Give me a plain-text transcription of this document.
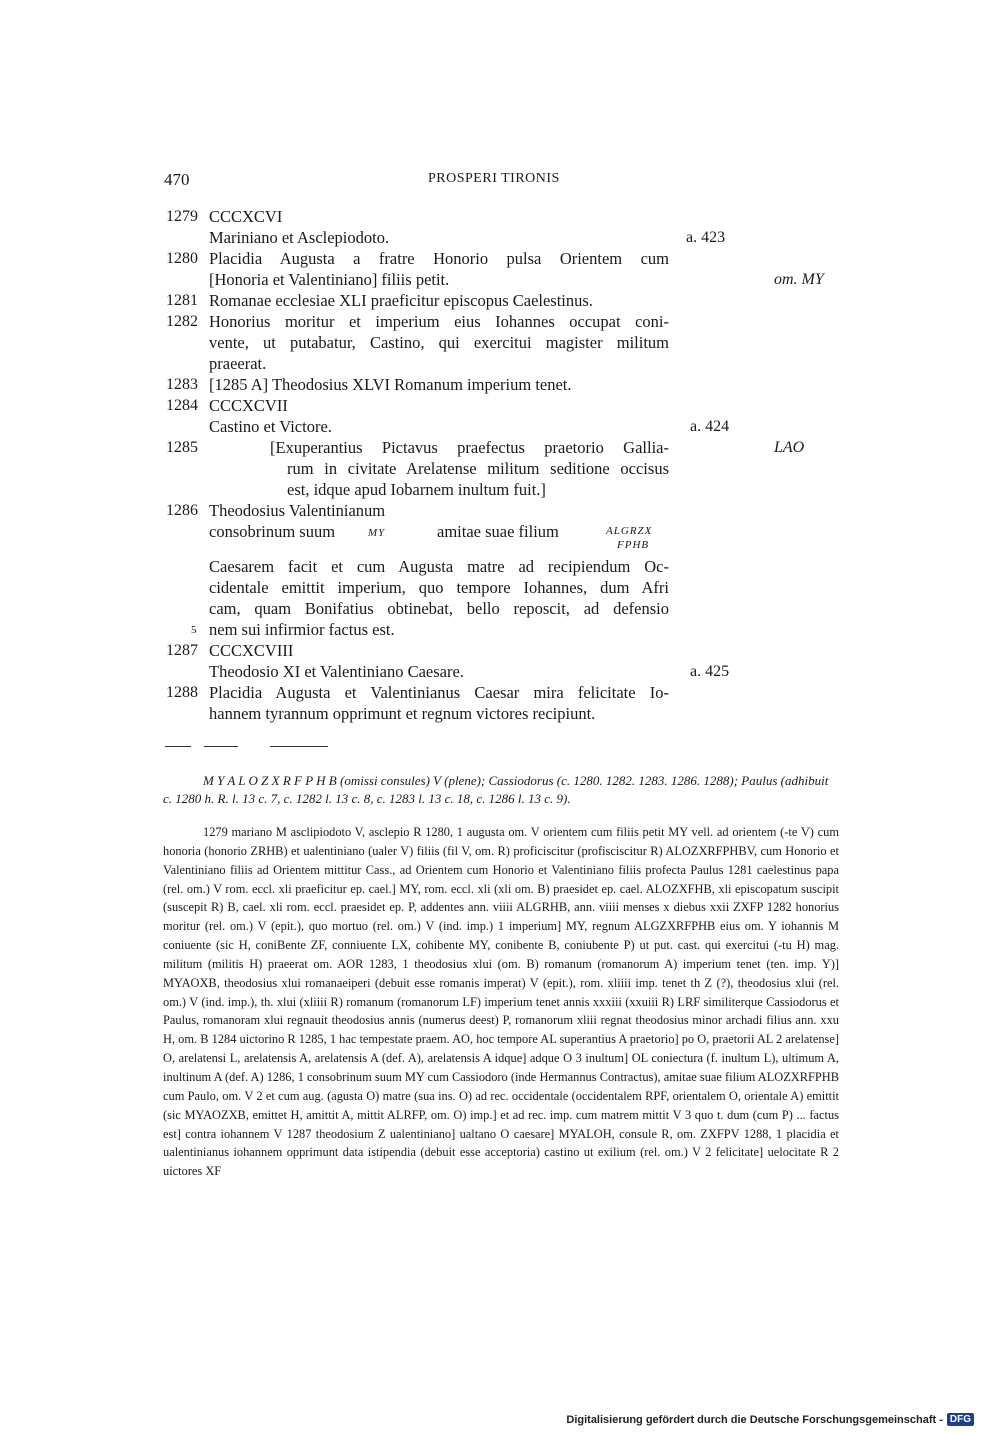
470	PROSPERI TIRONIS
1279 CCCXCVI
Mariniano et Asclepiodoto.	a. 423
1280 Placidia Augusta a fratre Honorio pulsa Orientem cum
[Honoria et Valentiniano] filiis petit.	om. MY
1281 Romanae ecclesiae XLI praeficitur episcopus Caelestinus.
1282 Honorius moritur et imperium eius Iohannes occupat coni-
vente, ut putabatur, Castino, qui exercitui magister militum
praeerat.
1283 [1285 A] Theodosius XLVI Romanum imperium tenet.
1284 CCCXCVII
Castino et Victore.	a. 424
1285	[Exuperantius Pictavus praefectus praetorio Gallia-	LAO
rum in civitate Arelatense militum seditione occisus
est, idque apud Iobarnem inultum fuit.]
1286 Theodosius Valentinianum
consobrinum suum	MY	amitae suae filium	ALGRZX
FPHB
Caesarem facit et cum Augusta matre ad recipiendum Oc-
cidentale emittit imperium, quo tempore Iohannes, dum Afri
cam, quam Bonifatius obtinebat, bello reposcit, ad defensio
5 nem sui infirmior factus est.
1287 CCCXCVIII
Theodosio XI et Valentiniano Caesare.	a. 425
1288 Placidia Augusta et Valentinianus Caesar mira felicitate Io-
hannem tyrannum opprimunt et regnum victores recipiunt.
M Y A L O Z X R F P H B (omissi consules) V (plene); Cassiodorus (c. 1280. 1282. 1283. 1286. 1288); Paulus (adhibuit c. 1280 h. R. l. 13 c. 7, c. 1282 l. 13 c. 8, c. 1283 l. 13 c. 18, c. 1286 l. 13 c. 9).
1279 mariano M asclipiodoto V, asclepio R 1280, 1 augusta om. V orientem cum filiis petit MY vell. ad orientem (-te V) cum honoria (honorio ZRHB) et ualentiniano (ualer V) filiis (fil V, om. R) proficiscitur (profisciscitur R) ALOZXRFPHBV, cum Honorio et Valentiniano filiis ad Orientem mittitur Cass., ad Orientem cum Honorio et Valentiniano filiis profecta Paulus 1281 caelestinus papa (rel. om.) V rom. eccl. xli praeficitur ep. cael.] MY, rom. eccl. xli (xli om. B) praesidet ep. cael. ALOZXFHB, xli episcopatum suscipit (suscepit R) B, cael. xli rom. eccl. praesidet ep. P, addentes ann. viiii ALGRHB, ann. viiii menses x diebus xxii ZXFP 1282 honorius moritur (rel. om.) V (epit.), quo mortuo (rel. om.) V (ind. imp.) 1 imperium] MY, regnum ALGZXRFPHB eius om. Y iohannis M coniuente (sic H, coniBente ZF, conniuente LX, cohibente MY, conibente B, coniubente P) ut put. cast. qui exercitui (-tu H) mag. militum (militis H) praeerat om. AOR 1283, 1 theodosius xlui (om. B) romanum (romanorum A) imperium tenet (ten. imp. Y)] MYAOXB, theodosius xlui romanaeiperi (debuit esse romanis imperat) V (epit.), rom. xliiii imp. tenet th Z (?), theodosius xlui (rel. om.) V (ind. imp.), th. xlui (xliiii R) romanum (romanorum LF) imperium tenet annis xxxiii (xxuiii R) LRF similiterque Cassiodorus et Paulus, romanoram xlui regnauit theodosius annis (numerus deest) P, romanorum xliii regnat theodosius minor archadi filius ann. xxu H, om. B 1284 uictorino R 1285, 1 hac tempestate praem. AO, hoc tempore AL superantius A praetorio] po O, praetorii AL 2 arelatense] O, arelatensi L, arelatensis A, arelatensis A (def. A), arelatensis A idque] adque O 3 inultum] OL coniectura (f. inultum L), ultimum A, inultinum A (def. A) 1286, 1 consobrinum suum MY cum Cassiodoro (inde Hermannus Contractus), amitae suae filium ALOZXRFPHB cum Paulo, om. V 2 et cum aug. (agusta O) matre (sua ins. O) ad rec. occidentale (occidentalem RPF, orientalem O, orientale A) emittit (sic MYAOZXB, emittet H, amittit A, mittit ALRFP, om. O) imp.] et ad rec. imp. cum matrem mittit V 3 quo t. dum (cum P) ... factus est] contra iohannem V 1287 theodosium Z ualentiniano] ualtano O caesare] MYALOH, consule R, om. ZXFPV 1288, 1 placidia et ualentinianus iohannem opprimunt data istipendia (debuit esse acceptoria) castino ut exilium (rel. om.) V 2 felicitate] uelocitate R 2 uictores XF
Digitalisierung gefördert durch die Deutsche Forschungsgemeinschaft - DFG
